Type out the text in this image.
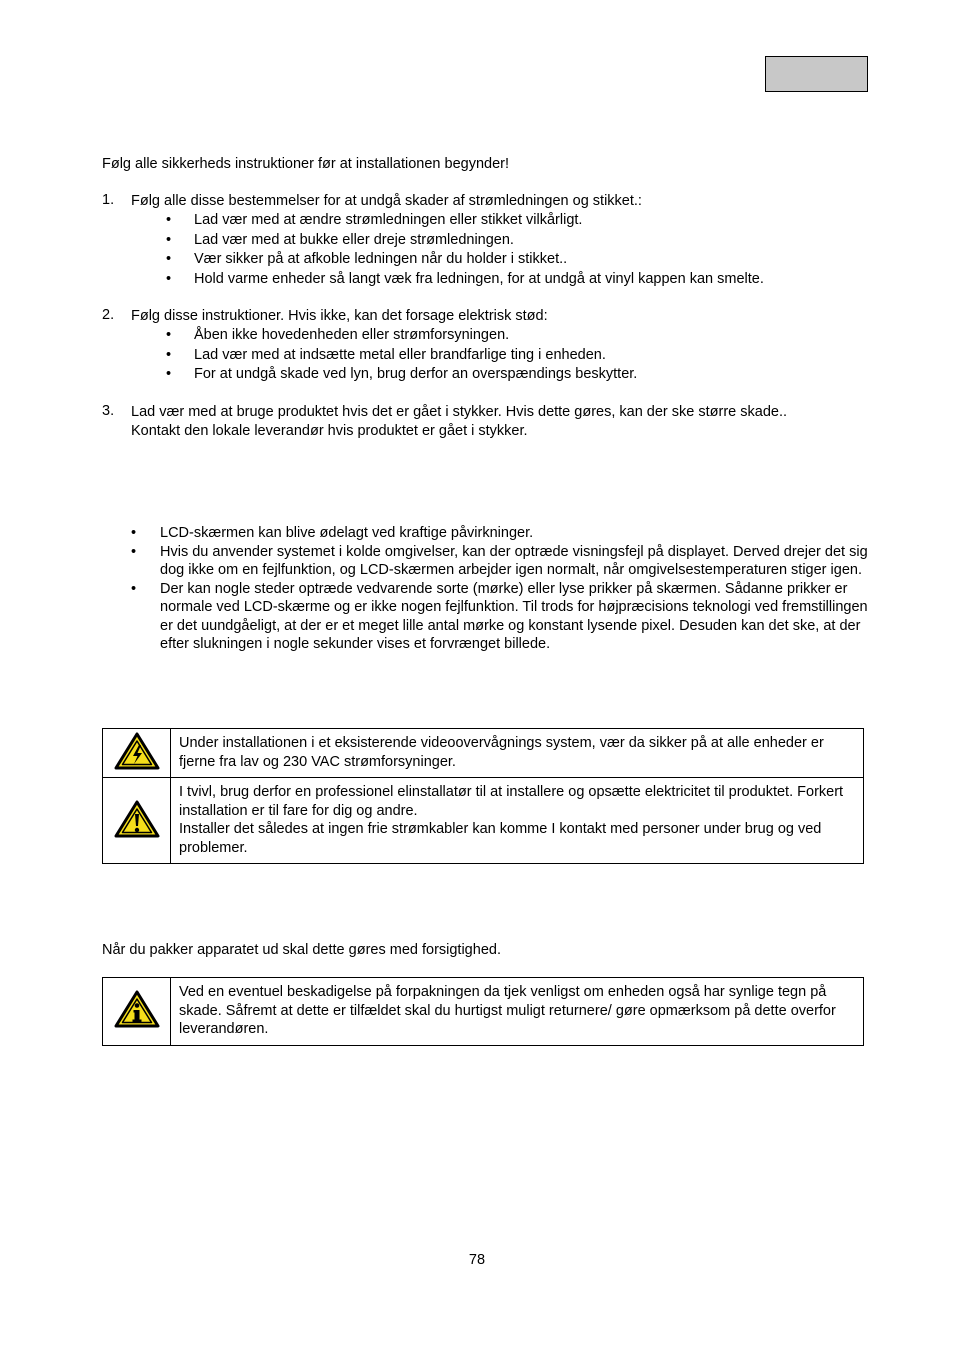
Følg alle sikkerheds instruktioner før at installationen begynder!

1. Følg alle disse bestemmelser for at undgå skader af strømledningen og stikket.:
• Lad vær med at ændre strømledningen eller stikket vilkårligt.
• Lad vær med at bukke eller dreje strømledningen.
• Vær sikker på at afkoble ledningen når du holder i stikket..
• Hold varme enheder så langt væk fra ledningen, for at undgå at vinyl kappen kan smelte.
2. Følg disse instruktioner. Hvis ikke, kan det forsage elektrisk stød:
• Åben ikke hovedenheden eller strømforsyningen.
• Lad vær med at indsætte metal eller brandfarlige ting i enheden.
• For at undgå skade ved lyn, brug derfor an overspændings beskytter.
3. Lad vær med at bruge produktet hvis det er gået i stykker. Hvis dette gøres, kan der ske større skade..
Kontakt den lokale leverandør hvis produktet er gået i stykker.
• LCD-skærmen kan blive ødelagt ved kraftige påvirkninger.
• Hvis du anvender systemet i kolde omgivelser, kan der optræde visningsfejl på displayet. Derved drejer det sig dog ikke om en fejlfunktion, og LCD-skærmen arbejder igen normalt, når omgivelsestemperaturen stiger igen.
• Der kan nogle steder optræde vedvarende sorte (mørke) eller lyse prikker på skærmen. Sådanne prikker er normale ved LCD-skærme og er ikke nogen fejlfunktion. Til trods for højpræcisions teknologi ved fremstillingen er det uundgåeligt, at der er et meget lille antal mørke og konstant lysende pixel. Desuden kan det ske, at der efter slukningen i nogle sekunder vises et forvrænget billede.
	Under installationen i et eksisterende videoovervågnings system, vær da sikker på at alle enheder er fjerne fra lav og 230 VAC strømforsyninger.

I tvivl, brug derfor en professionel elinstallatør til at installere og opsætte elektricitet til produktet. Forkert installation er til fare for dig og andre.
Installer det således at ingen frie strømkabler kan komme I kontakt med personer under brug og ved problemer.

Når du pakker apparatet ud skal dette gøres med forsigtighed.

	Ved en eventuel beskadigelse på forpakningen da tjek venligst om enheden også har synlige tegn på skade. Såfremt at dette er tilfældet skal du hurtigst muligt returnere/ gøre opmærksom på dette overfor leverandøren.
78
